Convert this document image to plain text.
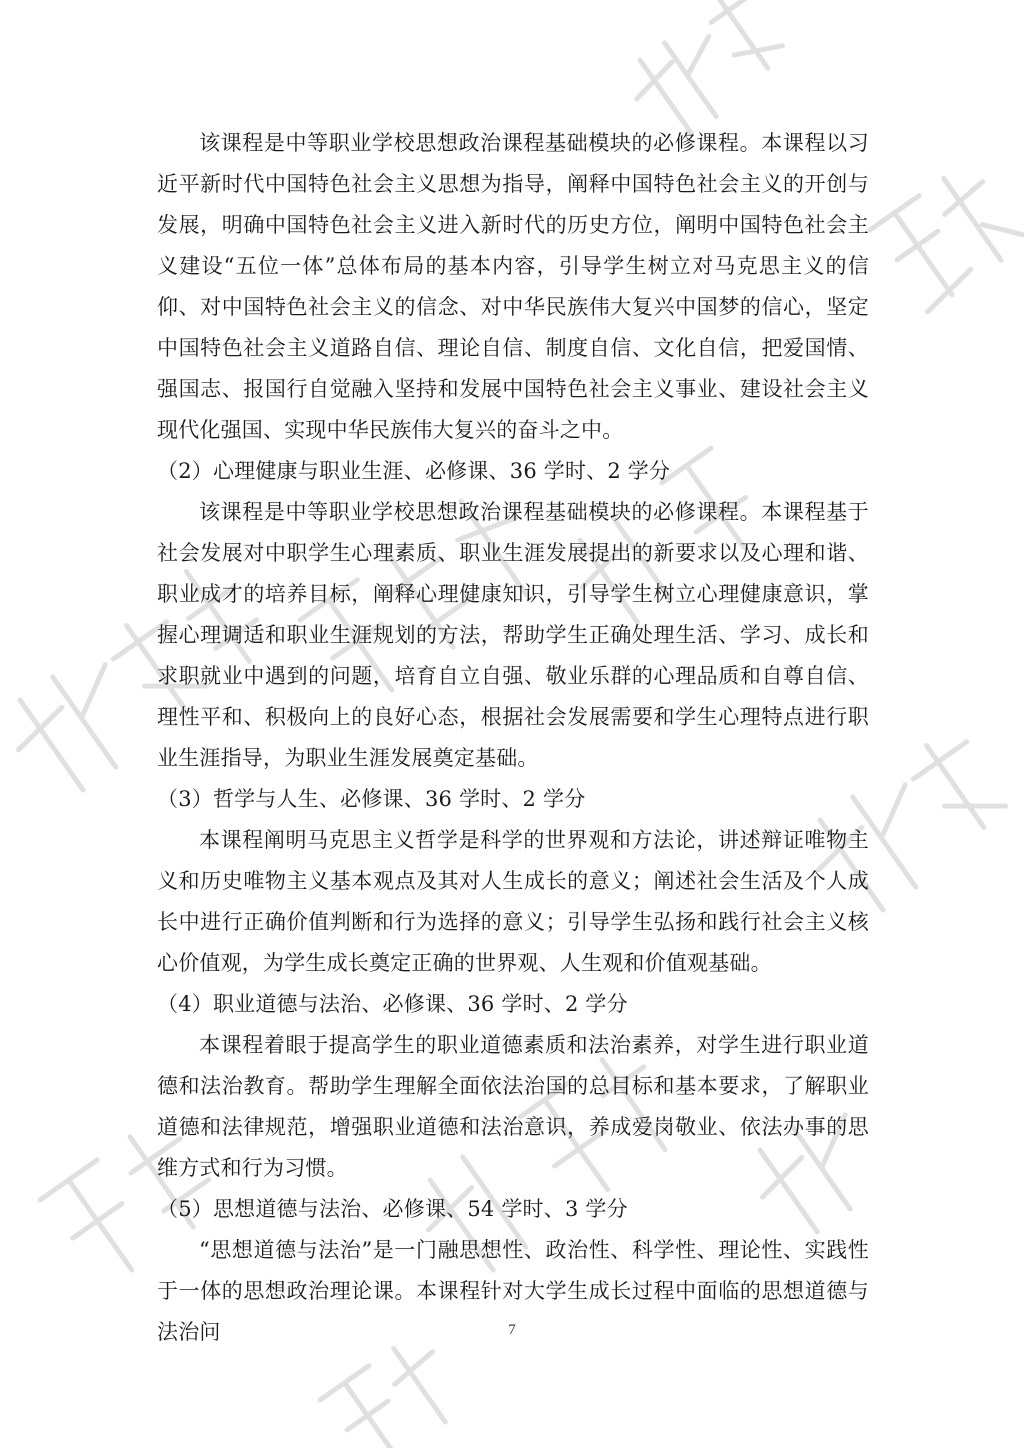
该课程是中等职业学校思想政治课程基础模块的必修课程。本课程以习近平新时代中国特色社会主义思想为指导，阐释中国特色社会主义的开创与发展，明确中国特色社会主义进入新时代的历史方位，阐明中国特色社会主义建设“五位一体”总体布局的基本内容，引导学生树立对马克思主义的信仰、对中国特色社会主义的信念、对中华民族伟大复兴中国梦的信心，坚定中国特色社会主义道路自信、理论自信、制度自信、文化自信，把爱国情、强国志、报国行自觉融入坚持和发展中国特色社会主义事业、建设社会主义现代化强国、实现中华民族伟大复兴的奋斗之中。

（2）心理健康与职业生涯、必修课、36 学时、2 学分

该课程是中等职业学校思想政治课程基础模块的必修课程。本课程基于社会发展对中职学生心理素质、职业生涯发展提出的新要求以及心理和谐、职业成才的培养目标，阐释心理健康知识，引导学生树立心理健康意识，掌握心理调适和职业生涯规划的方法，帮助学生正确处理生活、学习、成长和求职就业中遇到的问题，培育自立自强、敬业乐群的心理品质和自尊自信、理性平和、积极向上的良好心态，根据社会发展需要和学生心理特点进行职业生涯指导，为职业生涯发展奠定基础。

（3）哲学与人生、必修课、36 学时、2 学分

本课程阐明马克思主义哲学是科学的世界观和方法论，讲述辩证唯物主义和历史唯物主义基本观点及其对人生成长的意义；阐述社会生活及个人成长中进行正确价值判断和行为选择的意义；引导学生弘扬和践行社会主义核心价值观，为学生成长奠定正确的世界观、人生观和价值观基础。

（4）职业道德与法治、必修课、36 学时、2 学分

本课程着眼于提高学生的职业道德素质和法治素养，对学生进行职业道德和法治教育。帮助学生理解全面依法治国的总目标和基本要求，了解职业道德和法律规范，增强职业道德和法治意识，养成爱岗敬业、依法办事的思维方式和行为习惯。

（5）思想道德与法治、必修课、54 学时、3 学分

“思想道德与法治”是一门融思想性、政治性、科学性、理论性、实践性于一体的思想政治理论课。本课程针对大学生成长过程中面临的思想道德与法治问	7
